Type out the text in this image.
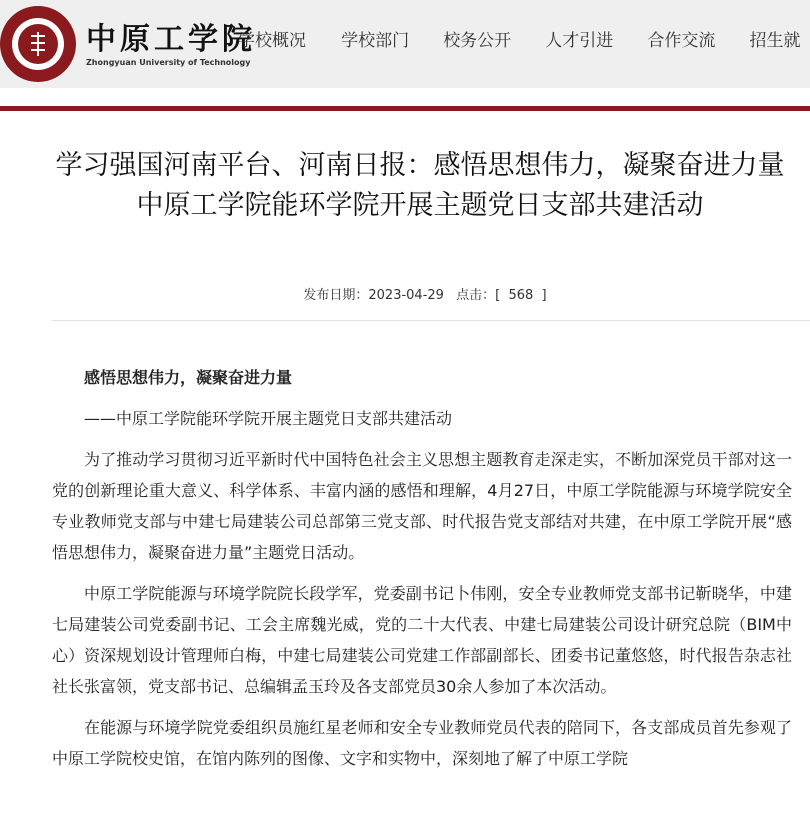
中原工学院
Zhongyuan University of Technology
学校概况 学校部门 校务公开 人才引进 合作交流 招生就
学习强国河南平台、河南日报：感悟思想伟力，凝聚奋进力量 中原工学院能环学院开展主题党日支部共建活动
发布日期：2023-04-29 点击：[ 568 ]

感悟思想伟力，凝聚奋进力量

——中原工学院能环学院开展主题党日支部共建活动

为了推动学习贯彻习近平新时代中国特色社会主义思想主题教育走深走实，不断加深党员干部对这一党的创新理论重大意义、科学体系、丰富内涵的感悟和理解，4月27日，中原工学院能源与环境学院安全专业教师党支部与中建七局建装公司总部第三党支部、时代报告党支部结对共建，在中原工学院开展“感悟思想伟力，凝聚奋进力量”主题党日活动。

中原工学院能源与环境学院院长段学军，党委副书记卜伟刚，安全专业教师党支部书记靳晓华，中建七局建装公司党委副书记、工会主席魏光威，党的二十大代表、中建七局建装公司设计研究总院（BIM中心）资深规划设计管理师白梅，中建七局建装公司党建工作部副部长、团委书记董悠悠，时代报告杂志社社长张富领，党支部书记、总编辑孟玉玲及各支部党员30余人参加了本次活动。

在能源与环境学院党委组织员施红星老师和安全专业教师党员代表的陪同下，各支部成员首先参观了中原工学院校史馆，在馆内陈列的图像、文字和实物中，深刻地了解了中原工学院
